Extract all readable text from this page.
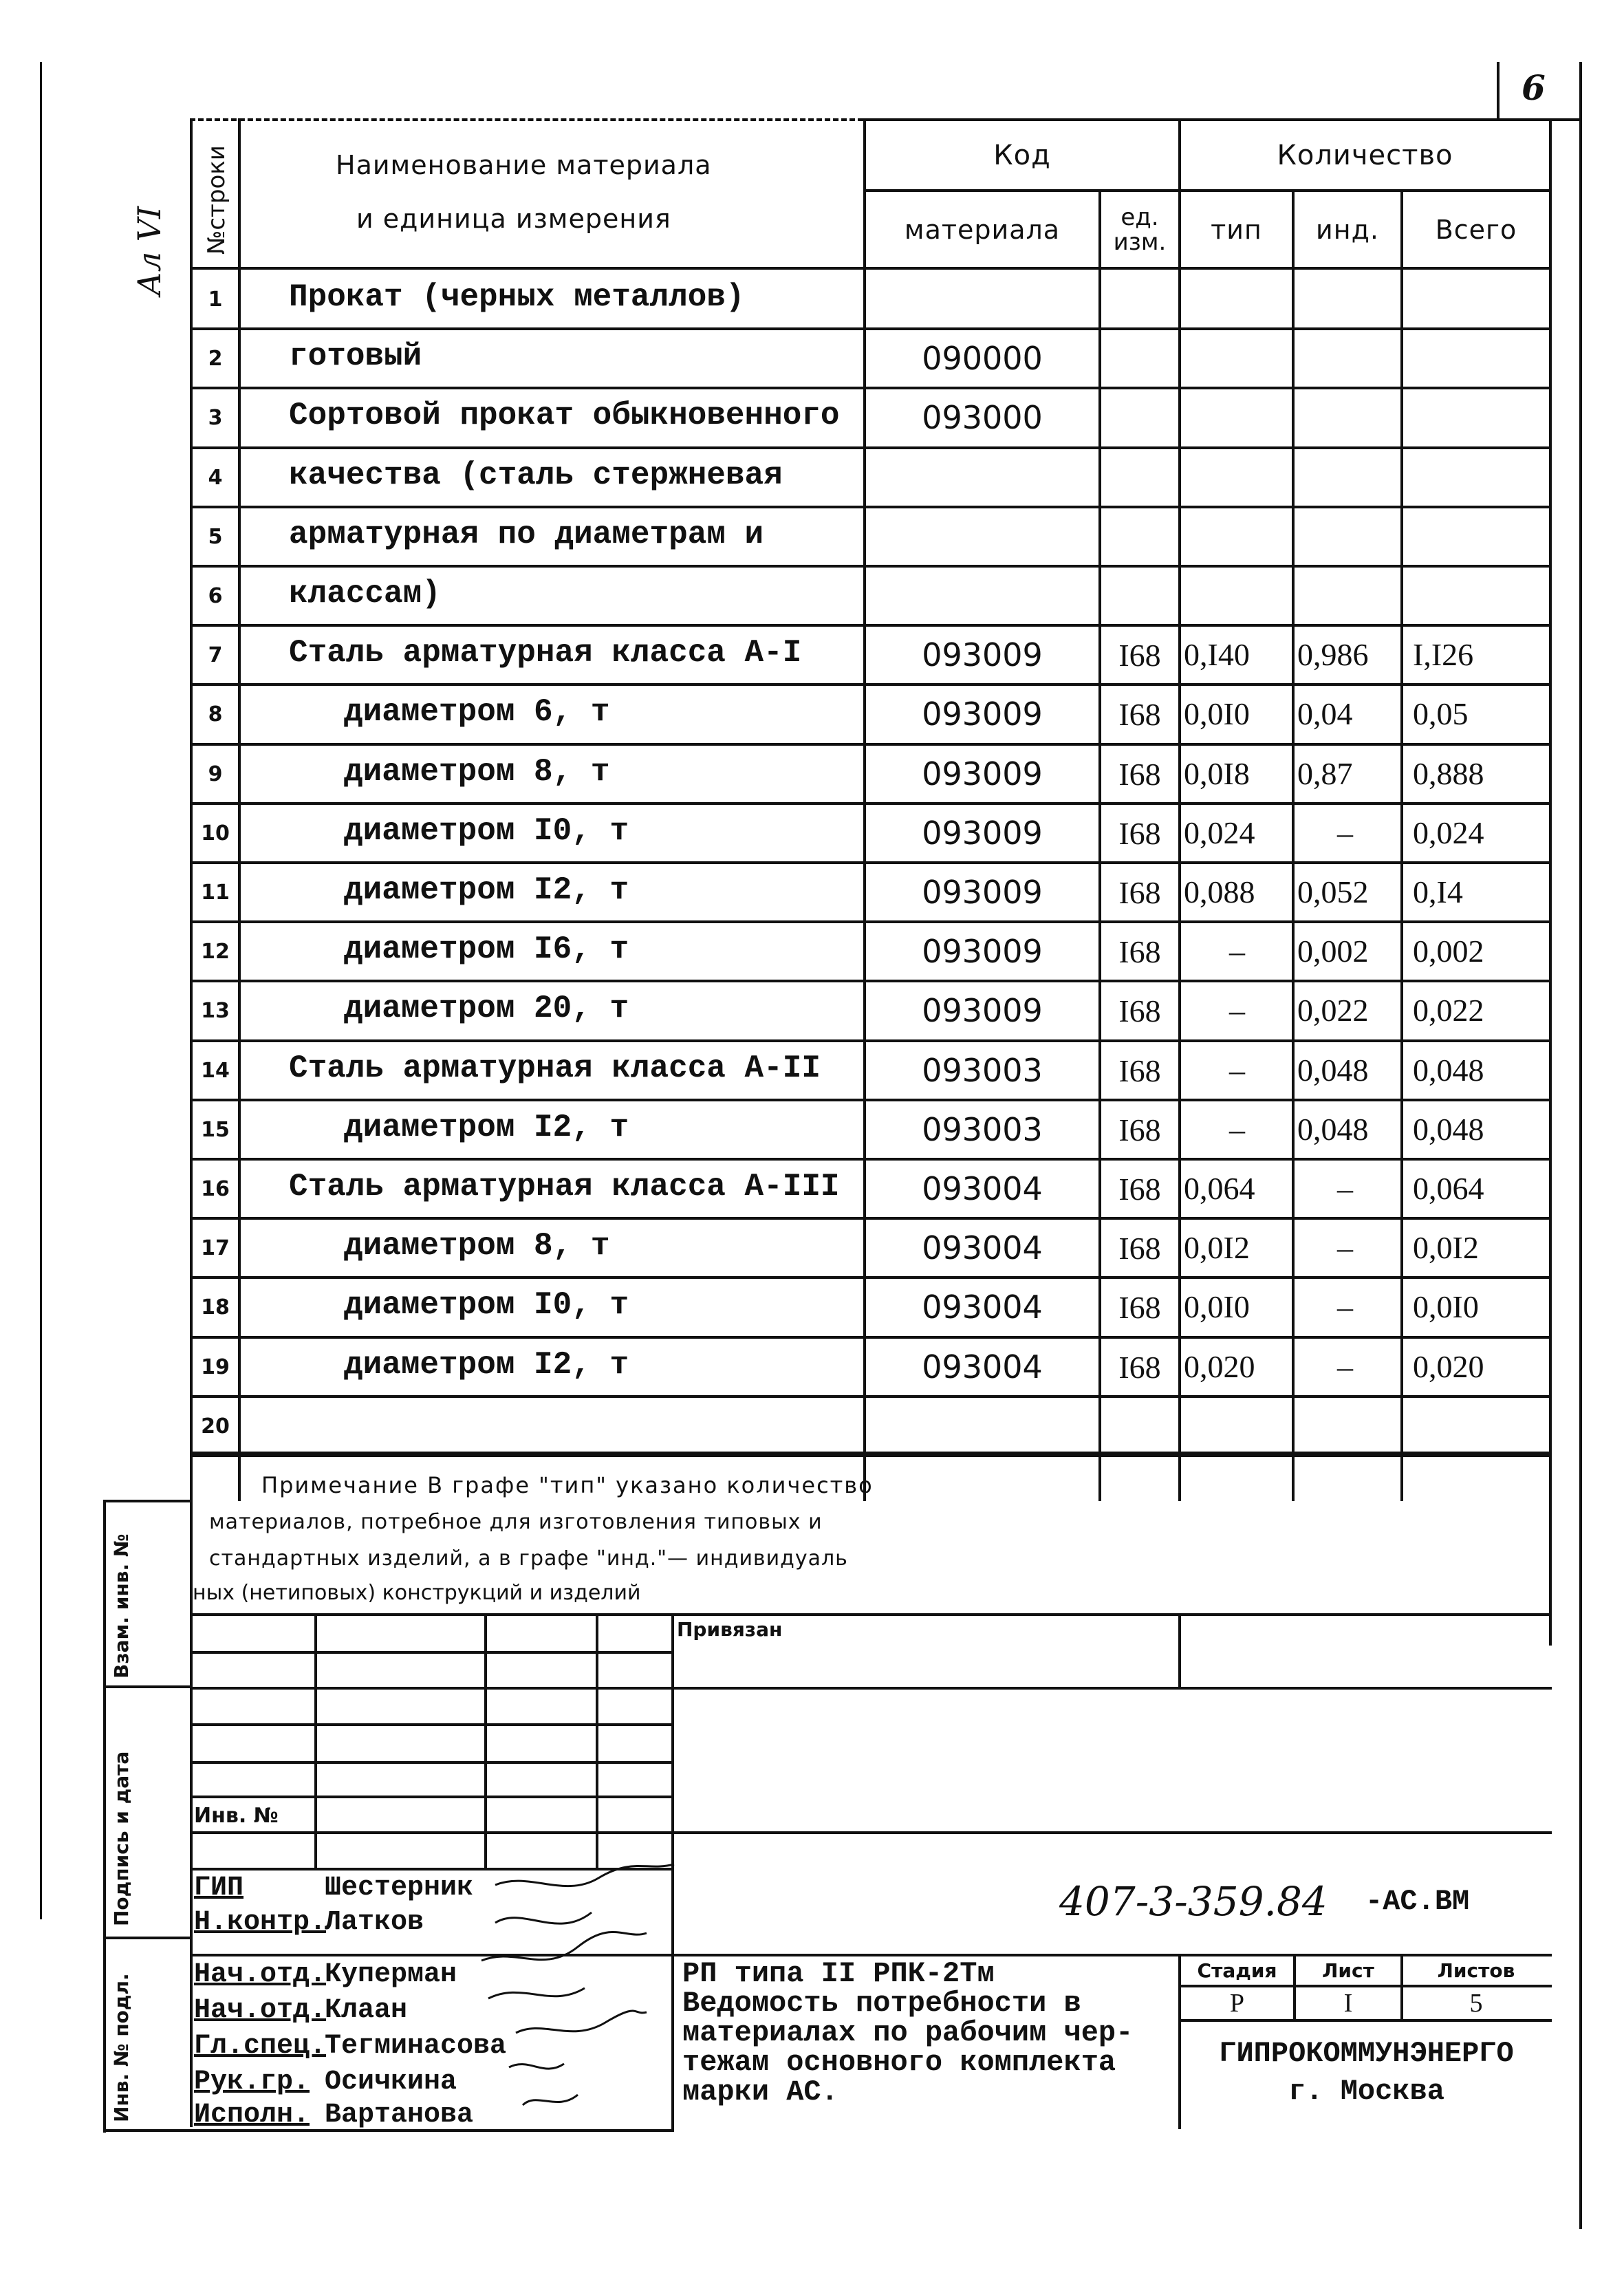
6
Ал VI №строки	Наименование материала
и единица измерения
Код	Количество
материала	ед. изм.	тип	инд.	Всего
1	Прокат (черных металлов)
2	готовый	090000
3	Сортовой прокат обыкновенного	093000
4	качества (сталь стержневая
5	арматурная по диаметрам и
6	классам)
7	Сталь арматурная класса А-I	093009	I68 0,I40 0,986 I,I26
8	диаметром 6, т	093009	I68 0,0I0 0,04 0,05
9	диаметром 8, т	093009	I68 0,0I8 0,87 0,888
10	диаметром I0, т	093009	I68 0,024	– 0,024
11	диаметром I2, т	093009	I68 0,088 0,052 0,I4
12	диаметром I6, т	093009	I68	– 0,002 0,002
13	диаметром 20, т	093009	I68	– 0,022 0,022
14 Сталь арматурная класса А-II	093003	I68	– 0,048 0,048
15	диаметром I2, т	093003	I68	– 0,048 0,048
16 Сталь арматурная класса А-III	093004	I68 0,064	– 0,064
17	диаметром 8, т	093004	I68 0,0I2	– 0,0I2
18	диаметром I0, т	093004	I68 0,0I0	– 0,0I0
19	диаметром I2, т	093004	I68 0,020	– 0,020
20
Примечание В графе "тип" указано количество
материалов, потребное для изготовления типовых и
стандартных изделий, а в графе "инд."— индивидуаль
ных (нетиповых) конструкций и изделий
Взам. инв. №
Подпись и дата
Инв. № подл.
Привязан
Инв. №
407-3-359.84 -АС.ВМ
ГИП	Шестерник
Н.контр.
Латков
Нач.отд.
Куперман
Нач.отд.
Клаан
Гл.спец.
Тегминасова
Рук.гр. Осичкина
Исполн. Вартанова
РП типа II РПК-2Тм
Ведомость потребности в
материалах по рабочим чер-
тежам основного комплекта
марки АС.
Стадия	Лист	Листов
Р	I	5
ГИПРОКОММУНЭНЕРГО
г. Москва
